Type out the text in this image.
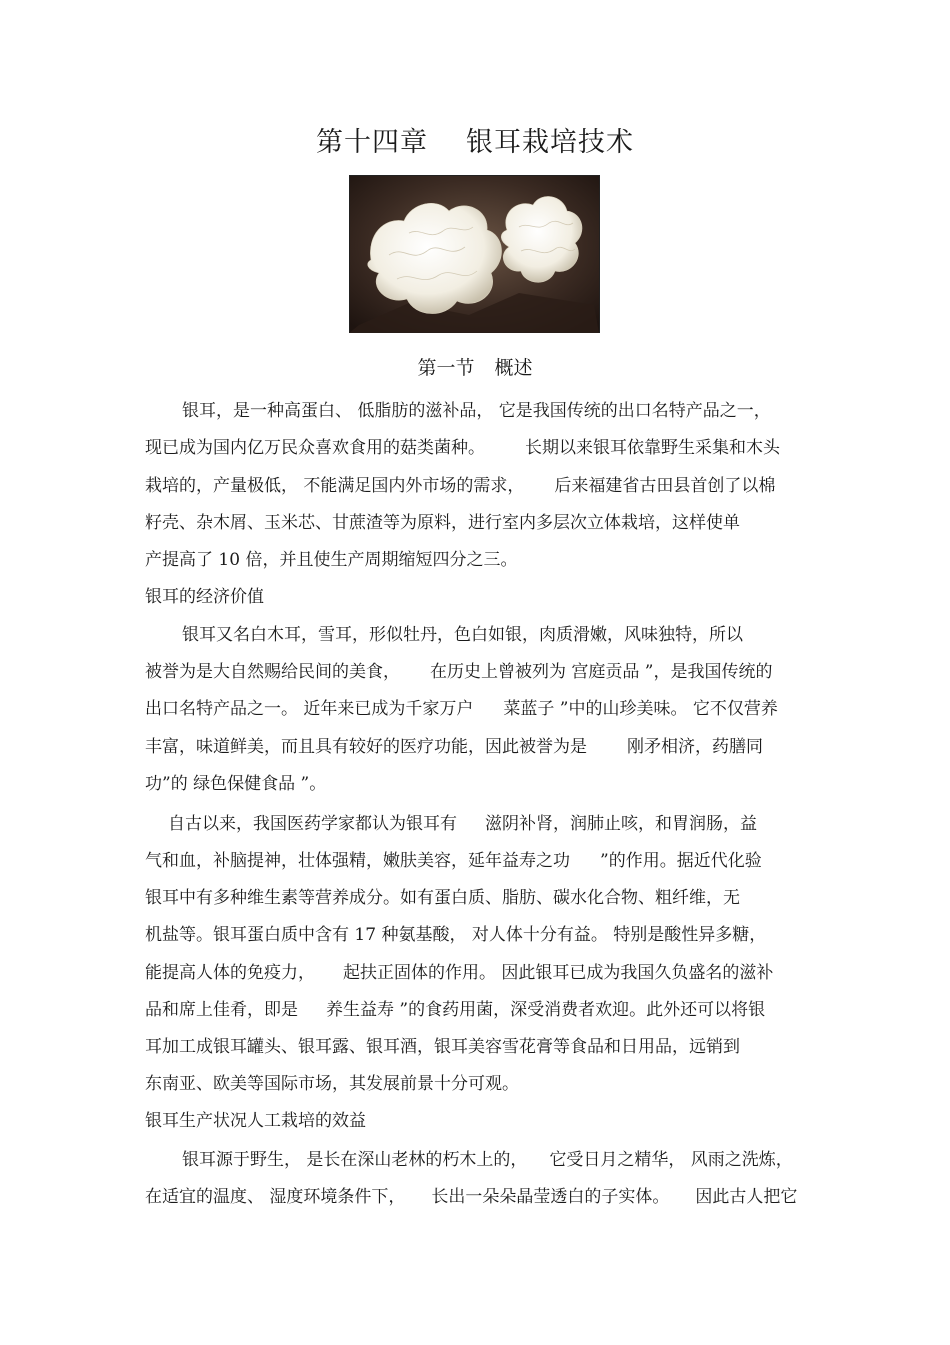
第十四章 银耳栽培技术
第一节 概述
银耳，是一种高蛋白、 低脂肪的滋补品， 它是我国传统的出口名特产品之一，
现已成为国内亿万民众喜欢食用的菇类菌种。 长期以来银耳依靠野生采集和木头
栽培的，产量极低， 不能满足国内外市场的需求， 后来福建省古田县首创了以棉
籽壳、杂木屑、玉米芯、甘蔗渣等为原料，进行室内多层次立体栽培，这样使单
产提高了 10 倍，并且使生产周期缩短四分之三。
银耳的经济价值
银耳又名白木耳，雪耳，形似牡丹，色白如银，肉质滑嫩，风味独特，所以
被誉为是大自然赐给民间的美食， 在历史上曾被列为 宫庭贡品 ”，是我国传统的
出口名特产品之一。 近年来已成为千家万户 菜蓝子 ”中的山珍美味。 它不仅营养
丰富，味道鲜美，而且具有较好的医疗功能，因此被誉为是 刚矛相济，药膳同
功”的 绿色保健食品 ”。
自古以来，我国医药学家都认为银耳有 滋阴补肾，润肺止咳，和胃润肠，益
气和血，补脑提神，壮体强精，嫩肤美容，延年益寿之功 ”的作用。据近代化验
银耳中有多种维生素等营养成分。如有蛋白质、脂肪、碳水化合物、粗纤维，无
机盐等。银耳蛋白质中含有 17 种氨基酸， 对人体十分有益。 特别是酸性异多糖，
能提高人体的免疫力， 起扶正固体的作用。 因此银耳已成为我国久负盛名的滋补
品和席上佳肴，即是 养生益寿 ”的食药用菌，深受消费者欢迎。此外还可以将银
耳加工成银耳罐头、银耳露、银耳酒，银耳美容雪花膏等食品和日用品，远销到
东南亚、欧美等国际市场，其发展前景十分可观。
银耳生产状况人工栽培的效益
银耳源于野生， 是长在深山老林的朽木上的， 它受日月之精华， 风雨之洗炼，
在适宜的温度、 湿度环境条件下， 长出一朵朵晶莹透白的子实体。 因此古人把它
